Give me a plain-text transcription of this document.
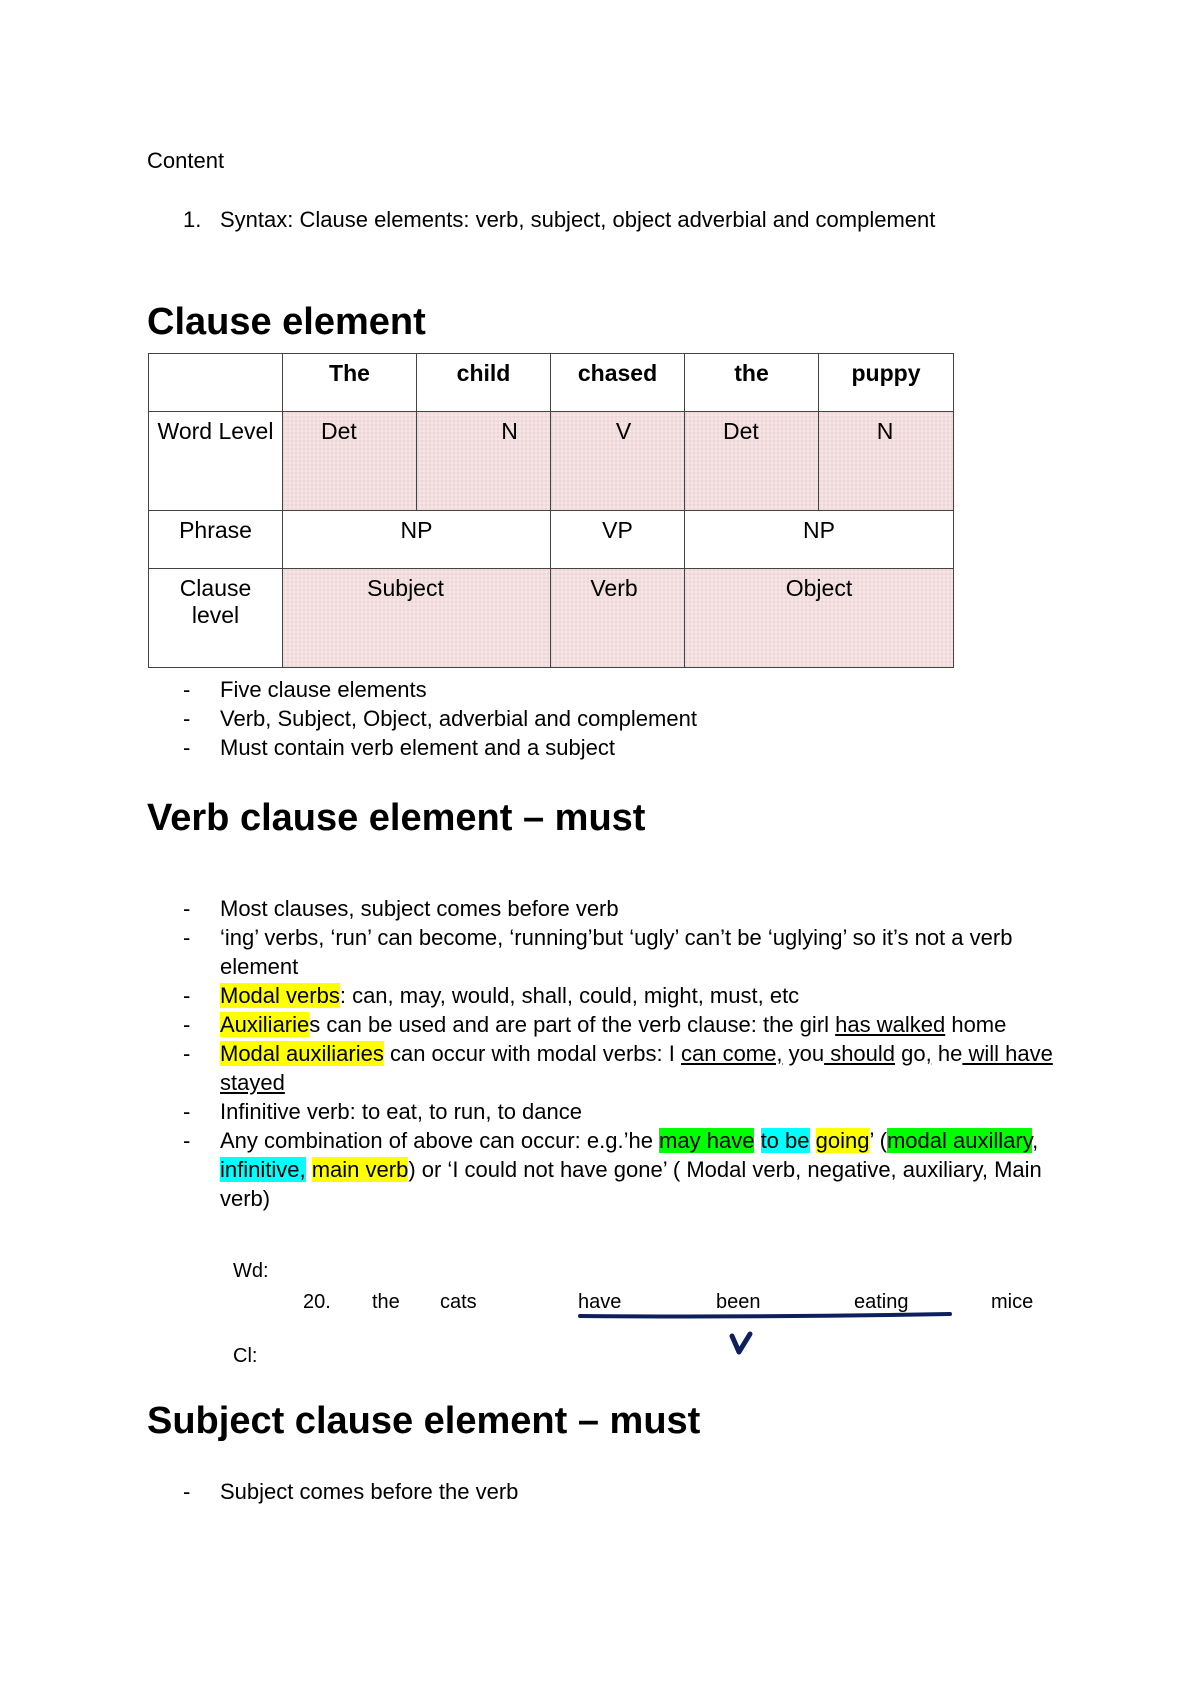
Content
1. Syntax: Clause elements: verb, subject, object adverbial and complement
Clause element
	The	child	chased	the	puppy
Word Level	Det	N	V	Det	N
Phrase	NP		VP	NP	
Clause level	Subject		Verb	Object	
- Five clause elements
- Verb, Subject, Object, adverbial and complement
- Must contain verb element and a subject
Verb clause element – must
- Most clauses, subject comes before verb
- ‘ing’ verbs, ‘run’ can become, ‘running’but ‘ugly’ can’t be ‘uglying’ so it’s not a verb element
- Modal verbs: can, may, would, shall, could, might, must, etc
- Auxiliaries can be used and are part of the verb clause: the girl has walked home
- Modal auxiliaries can occur with modal verbs: I can come, you should go, he will have stayed
- Infinitive verb: to eat, to run, to dance
- Any combination of above can occur: e.g.’he may have to be going’ (modal auxillary, infinitive, main verb) or ‘I could not have gone’ ( Modal verb, negative, auxiliary, Main verb)
Wd:
20. the cats	have	been	eating	mice
Cl:
Subject clause element – must
- Subject comes before the verb
